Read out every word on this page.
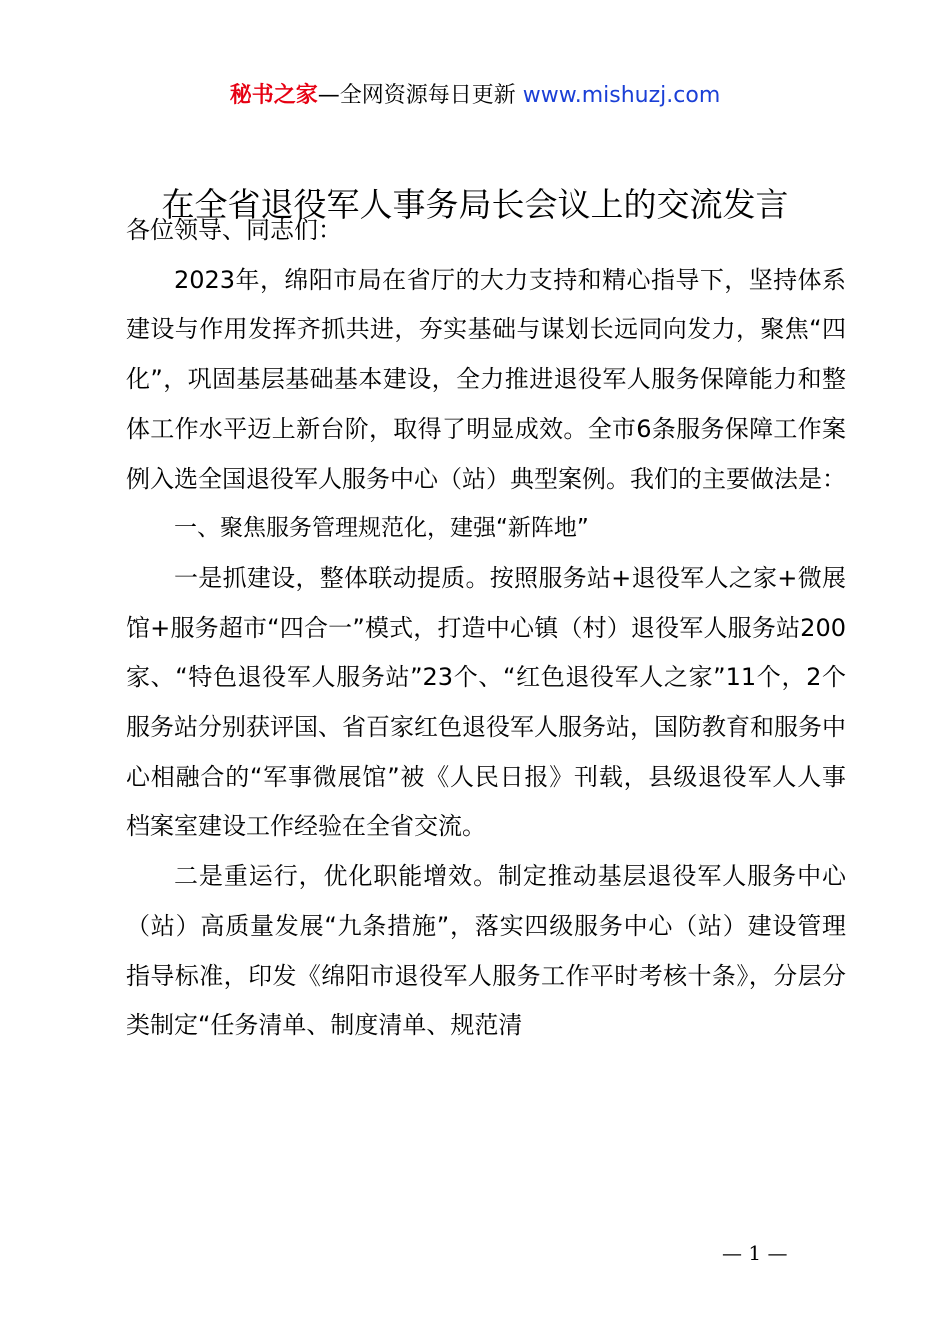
秘书之家—全网资源每日更新 www.mishuzj.com
在全省退役军人事务局长会议上的交流发言

各位领导、同志们：

2023年，绵阳市局在省厅的大力支持和精心指导下，坚持体系建设与作用发挥齐抓共进，夯实基础与谋划长远同向发力，聚焦“四化”，巩固基层基础基本建设，全力推进退役军人服务保障能力和整体工作水平迈上新台阶，取得了明显成效。全市6条服务保障工作案例入选全国退役军人服务中心（站）典型案例。我们的主要做法是：

一、聚焦服务管理规范化，建强“新阵地”

一是抓建设，整体联动提质。按照服务站+退役军人之家+微展馆+服务超市“四合一”模式，打造中心镇（村）退役军人服务站200家、“特色退役军人服务站”23个、“红色退役军人之家”11个，2个服务站分别获评国、省百家红色退役军人服务站，国防教育和服务中心相融合的“军事微展馆”被《人民日报》刊载，县级退役军人人事档案室建设工作经验在全省交流。

二是重运行，优化职能增效。制定推动基层退役军人服务中心（站）高质量发展“九条措施”，落实四级服务中心（站）建设管理指导标准，印发《绵阳市退役军人服务工作平时考核十条》，分层分类制定“任务清单、制度清单、规范清

— 1 —
